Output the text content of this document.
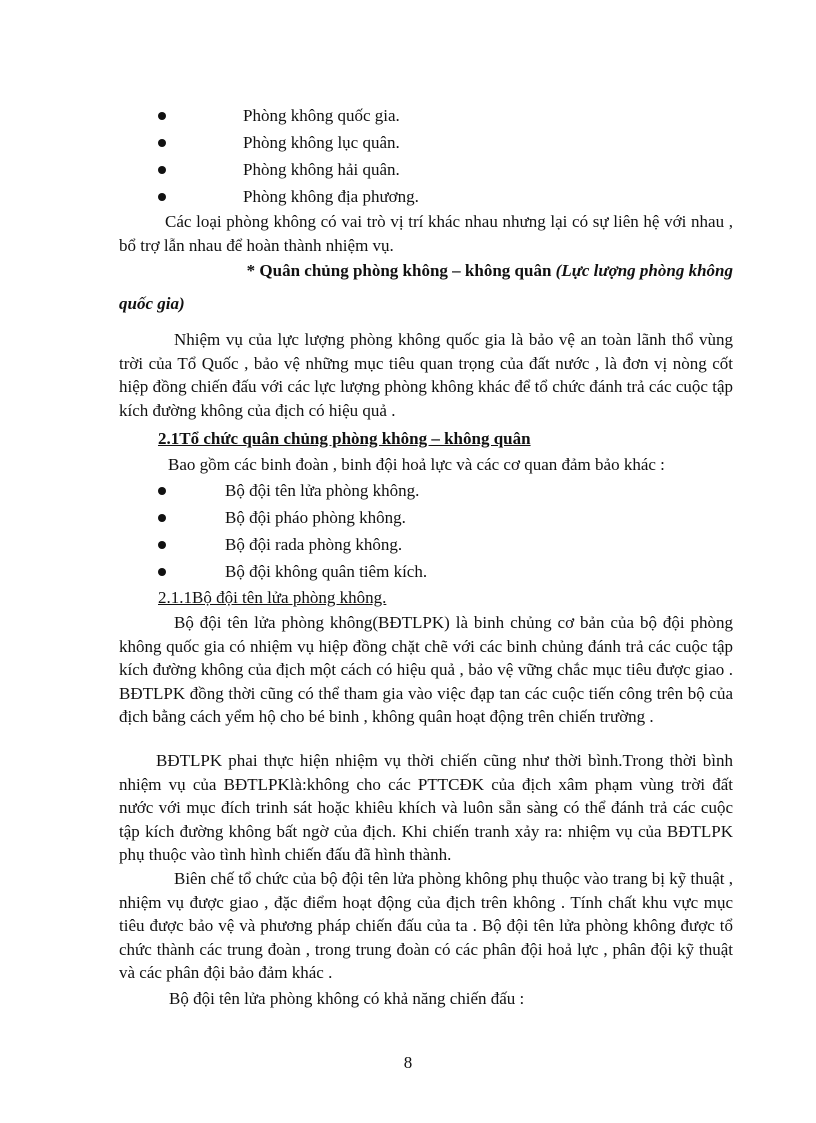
Phòng không quốc gia.
Phòng không lục quân.
Phòng không hải quân.
Phòng không địa phương.
Các loại phòng không có vai trò vị trí khác nhau nhưng lại có sự liên hệ với nhau , bổ trợ lẫn nhau để hoàn thành nhiệm vụ.
* Quân chủng phòng không – không quân (Lực lượng phòng không
quốc gia)
Nhiệm vụ của lực lượng phòng không quốc gia là bảo vệ an toàn lãnh thổ vùng trời của Tổ Quốc , bảo vệ những mục tiêu quan trọng của đất nước , là đơn vị nòng cốt hiệp đồng chiến đấu với các lực lượng phòng không khác để tổ chức đánh trả các cuộc tập kích đường không của địch có hiệu quả .
2.1Tổ chức quân chủng phòng không – không quân
Bao gồm các binh đoàn , binh đội hoả lực và các cơ quan đảm bảo khác :
Bộ đội tên lửa phòng không.
Bộ đội pháo phòng không.
Bộ đội rada phòng không.
Bộ đội không quân tiêm kích.
2.1.1Bộ đội tên lửa phòng không.
Bộ đội tên lửa phòng không(BĐTLPK) là binh chủng cơ bản của bộ đội phòng không quốc gia có nhiệm vụ hiệp đồng chặt chẽ với các binh chủng đánh trả các cuộc tập kích đường không của địch một cách có hiệu quả , bảo vệ vững chắc mục tiêu được giao . BĐTLPK đồng thời cũng có thể tham gia vào việc đạp tan các cuộc tiến công trên bộ của địch bằng cách yểm hộ cho bé binh , không quân hoạt động trên chiến trường .
BĐTLPK phai thực hiện nhiệm vụ thời chiến cũng như thời bình.Trong thời bình nhiệm vụ của BĐTLPKlà:không cho các PTTCĐK của địch xâm phạm vùng trời đất nước với mục đích trinh sát hoặc khiêu khích và luôn sẵn sàng có thể đánh trả các cuộc tập kích đường không bất ngờ của địch. Khi chiến tranh xảy ra: nhiệm vụ của BĐTLPK phụ thuộc vào tình hình chiến đấu đã hình thành.
Biên chế tổ chức của bộ đội tên lửa phòng không phụ thuộc vào trang bị kỹ thuật , nhiệm vụ được giao , đặc điểm hoạt động của địch trên không . Tính chất khu vực mục tiêu được bảo vệ và phương pháp chiến đấu của ta . Bộ đội tên lửa phòng không được tổ chức thành các trung đoàn , trong trung đoàn có các phân đội hoả lực , phân đội kỹ thuật và các phân đội bảo đảm khác .
Bộ đội tên lửa phòng không có khả năng chiến đấu :
8
